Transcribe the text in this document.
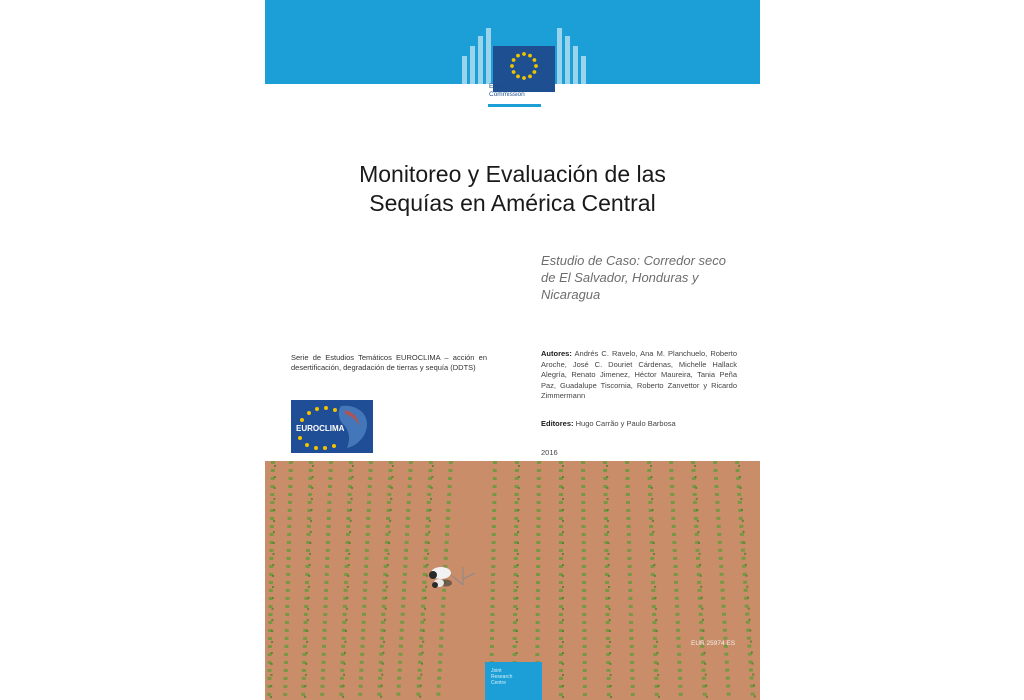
European
Commission
Monitoreo y Evaluación de las
Sequías en América Central
Estudio de Caso: Corredor seco de El Salvador, Honduras y Nicaragua
Serie de Estudios Temáticos EUROCLIMA – acción en desertificación, degradación de tierras y sequía (DDTS)
EUROCLIMA
Autores: Andrés C. Ravelo, Ana M. Planchuelo, Roberto Aroche, José C. Douriet Cárdenas, Michelle Hallack Alegría, Renato Jimenez, Héctor Maureira, Tania Peña Paz, Guadalupe Tiscornia, Roberto Zanvettor y Ricardo Zimmermann
Editores: Hugo Carrão y Paulo Barbosa
2016
EUR 25974 ES
Joint
Research
Centre
